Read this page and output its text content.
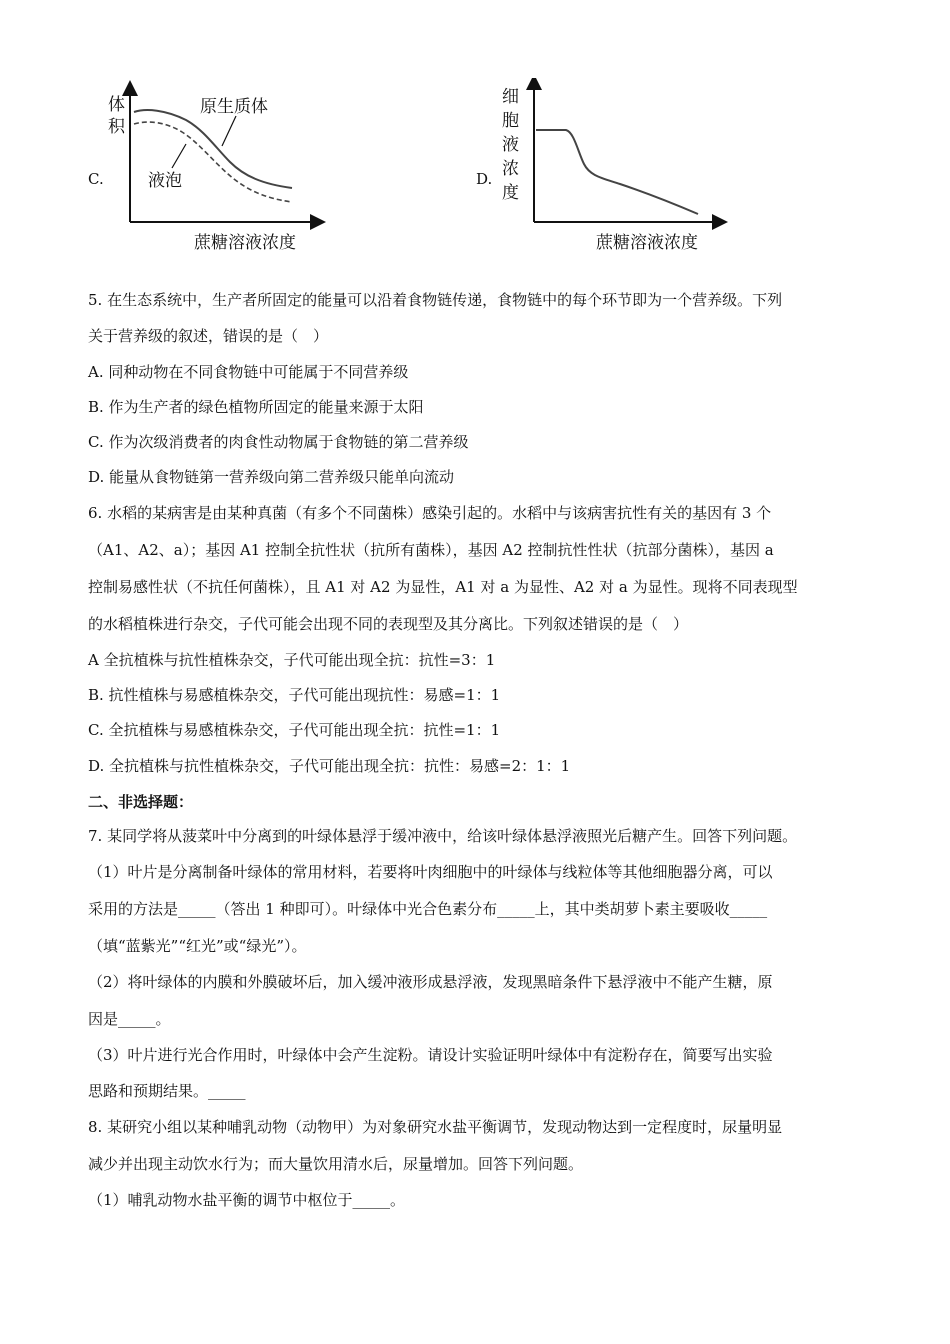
C.
体
积
原生质体
液泡
蔗糖溶液浓度
D.
细
胞
液
浓
度
蔗糖溶液浓度
5. 在生态系统中，生产者所固定的能量可以沿着食物链传递，食物链中的每个环节即为一个营养级。下列
关于营养级的叙述，错误的是（　）
A. 同种动物在不同食物链中可能属于不同营养级
B. 作为生产者的绿色植物所固定的能量来源于太阳
C. 作为次级消费者的肉食性动物属于食物链的第二营养级
D. 能量从食物链第一营养级向第二营养级只能单向流动
6. 水稻的某病害是由某种真菌（有多个不同菌株）感染引起的。水稻中与该病害抗性有关的基因有 3 个
（A1、A2、a）；基因 A1 控制全抗性状（抗所有菌株），基因 A2 控制抗性性状（抗部分菌株），基因 a
控制易感性状（不抗任何菌株），且 A1 对 A2 为显性，A1 对 a 为显性、A2 对 a 为显性。现将不同表现型
的水稻植株进行杂交，子代可能会出现不同的表现型及其分离比。下列叙述错误的是（　）
A 全抗植株与抗性植株杂交，子代可能出现全抗：抗性=3：1
B. 抗性植株与易感植株杂交，子代可能出现抗性：易感=1：1
C. 全抗植株与易感植株杂交，子代可能出现全抗：抗性=1：1
D. 全抗植株与抗性植株杂交，子代可能出现全抗：抗性：易感=2：1：1
二、非选择题：
7. 某同学将从菠菜叶中分离到的叶绿体悬浮于缓冲液中，给该叶绿体悬浮液照光后糖产生。回答下列问题。
（1）叶片是分离制备叶绿体的常用材料，若要将叶肉细胞中的叶绿体与线粒体等其他细胞器分离，可以
采用的方法是_____（答出 1 种即可）。叶绿体中光合色素分布_____上，其中类胡萝卜素主要吸收_____
（填“蓝紫光”“红光”或“绿光”）。
（2）将叶绿体的内膜和外膜破坏后，加入缓冲液形成悬浮液，发现黑暗条件下悬浮液中不能产生糖，原
因是_____。
（3）叶片进行光合作用时，叶绿体中会产生淀粉。请设计实验证明叶绿体中有淀粉存在，简要写出实验
思路和预期结果。_____
8. 某研究小组以某种哺乳动物（动物甲）为对象研究水盐平衡调节，发现动物达到一定程度时，尿量明显
减少并出现主动饮水行为；而大量饮用清水后，尿量增加。回答下列问题。
（1）哺乳动物水盐平衡的调节中枢位于_____。
